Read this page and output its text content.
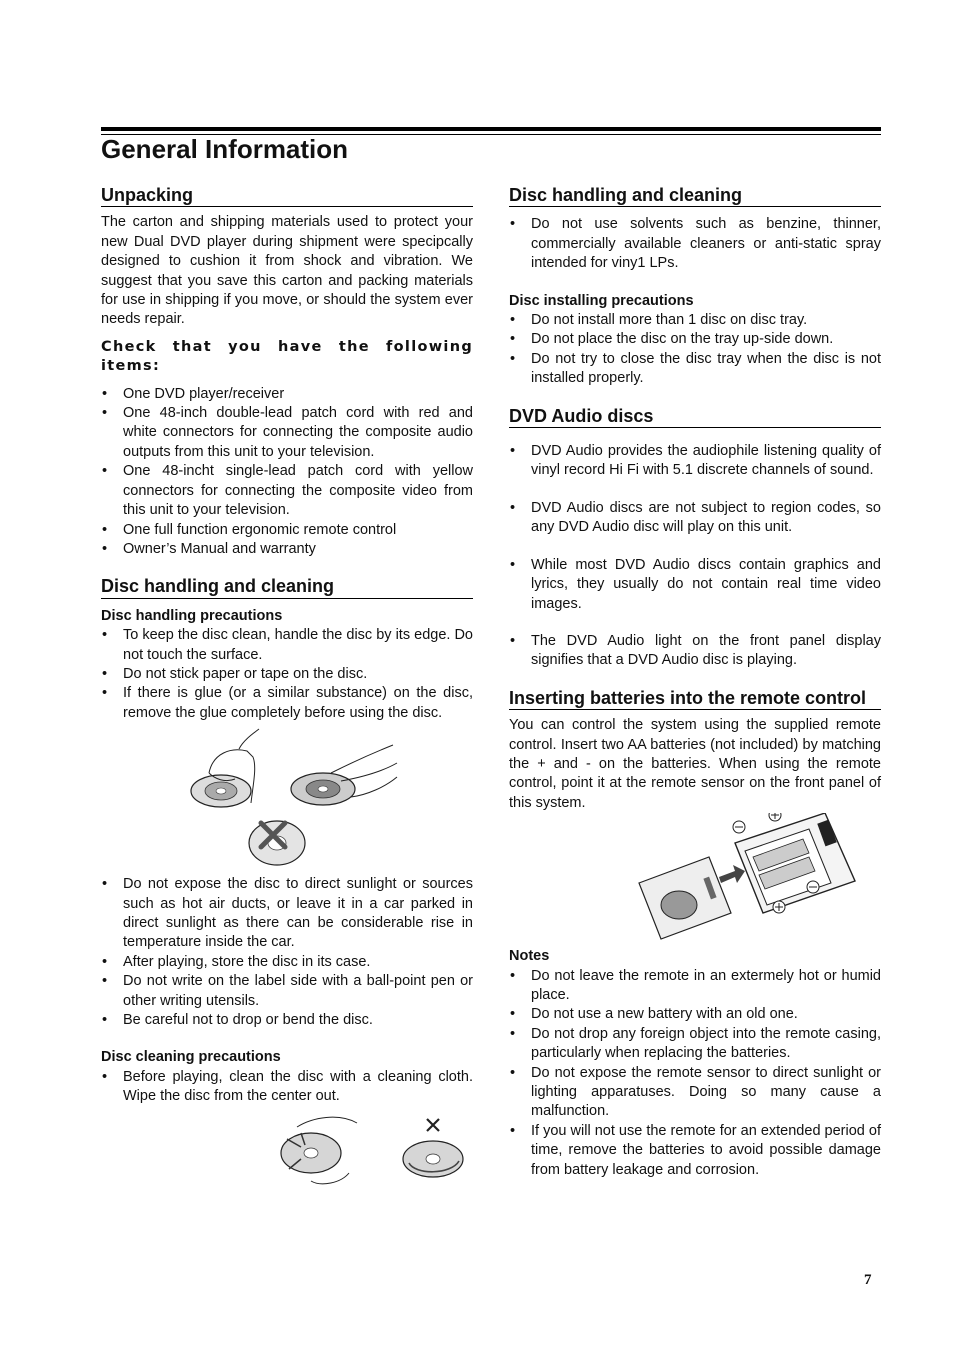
General Information
Unpacking

The carton and shipping materials used to protect your new Dual DVD player during shipment were specipcally designed to cushion it from shock and vibration. We suggest that you save this carton and packing materials for use in shipping if you move, or should the system ever needs repair.

Check that you have the following items:

• One DVD player/receiver
• One 48-inch double-lead patch cord with red and white connectors for connecting the composite audio outputs from this unit to your television.
• One 48-incht single-lead patch cord with yellow connectors for connecting the composite video from this unit to your television.
• One full function ergonomic remote control
• Owner’s Manual and warranty
Disc handling and cleaning
Disc handling precautions
• To keep the disc clean, handle the disc by its edge. Do not touch the surface.
• Do not stick paper or tape on the disc.
• If there is glue (or a similar substance) on the disc, remove the glue completely before using the disc.
• Do not expose the disc to direct sunlight or sources such as hot air ducts, or leave it in a car parked in direct sunlight as there can be considerable rise in temperature inside the car.
• After playing, store the disc in its case.
• Do not write on the label side with a ball-point pen or other writing utensils.
• Be careful not to drop or bend the disc.
Disc cleaning precautions
• Before playing, clean the disc with a cleaning cloth. Wipe the disc from the center out.
Disc handling and cleaning
• Do not use solvents such as benzine, thinner, commercially available cleaners or anti-static spray intended for viny1 LPs.
Disc installing precautions
• Do not install more than 1 disc on disc tray.
• Do not place the disc on the tray up-side down.
• Do not try to close the disc tray when the disc is not installed properly.
DVD Audio discs
• DVD Audio provides the audiophile listening quality of vinyl record Hi Fi with 5.1 discrete channels of sound.
• DVD Audio discs are not subject to region codes, so any DVD Audio disc will play on this unit.
• While most DVD Audio discs contain graphics and lyrics, they usually do not contain real time video images.
• The DVD Audio light on the front panel display signifies that a DVD Audio disc is playing.
Inserting batteries into the remote control

You can control the system using the supplied remote control. Insert two AA batteries (not included) by matching the + and - on the batteries. When using the remote control, point it at the remote sensor on the front panel of this system.

Notes
• Do not leave the remote in an extermely hot or humid place.
• Do not use a new battery with an old one.
• Do not drop any foreign object into the remote casing, particularly when replacing the batteries.
• Do not expose the remote sensor to direct sunlight or lighting apparatuses. Doing so many cause a malfunction.
• If you will not use the remote for an extended period of time, remove the batteries to avoid possible damage from battery leakage and corrosion.
7
